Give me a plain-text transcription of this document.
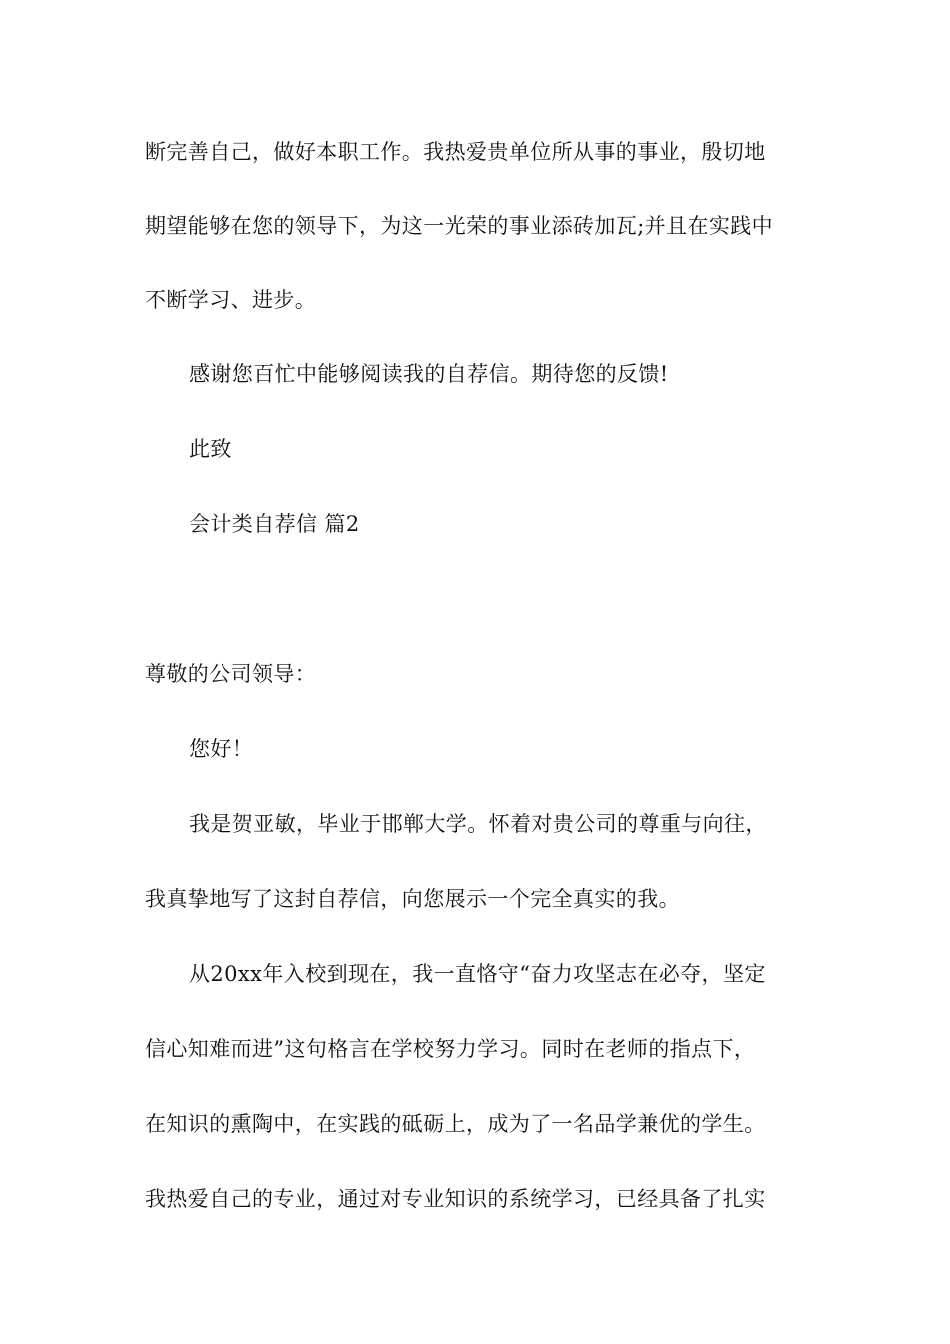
断完善自己，做好本职工作。我热爱贵单位所从事的事业，殷切地
期望能够在您的领导下，为这一光荣的事业添砖加瓦;并且在实践中
不断学习、进步。
感谢您百忙中能够阅读我的自荐信。期待您的反馈!
此致
会计类自荐信 篇2
尊敬的公司领导：
您好！
我是贺亚敏，毕业于邯郸大学。怀着对贵公司的尊重与向往，
我真挚地写了这封自荐信，向您展示一个完全真实的我。
从20xx年入校到现在，我一直恪守“奋力攻坚志在必夺，坚定
信心知难而进”这句格言在学校努力学习。同时在老师的指点下，
在知识的熏陶中，在实践的砥砺上，成为了一名品学兼优的学生。
我热爱自己的专业，通过对专业知识的系统学习，已经具备了扎实
